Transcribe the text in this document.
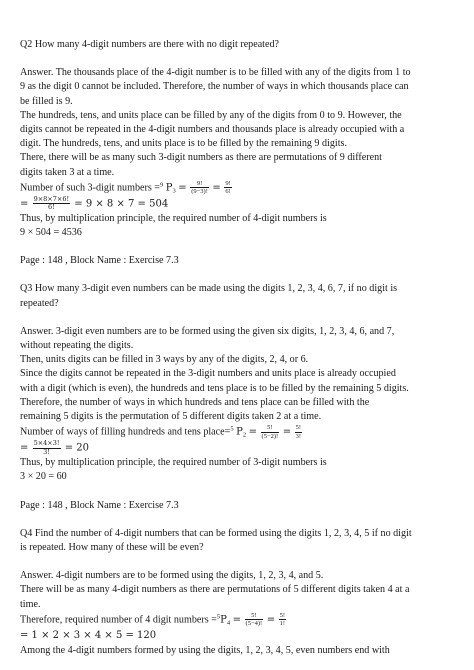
Q2 How many 4-digit numbers are there with no digit repeated?

Answer. The thousands place of the 4-digit number is to be filled with any of the digits from 1 to

9 as the digit 0 cannot be included. Therefore, the number of ways in which thousands place can

be filled is 9.

The hundreds, tens, and units place can be filled by any of the digits from 0 to 9. However, the

digits cannot be repeated in the 4-digit numbers and thousands place is already occupied with a

digit. The hundreds, tens, and units place is to be filled by the remaining 9 digits.

There, there will be as many such 3-digit numbers as there are permutations of 9 different

digits taken 3 at a time.

Number of such 3-digit numbers =$^9$ $P_3 = \frac{9!}{(9-3)!} = \frac{9!}{6!}$
= $\frac{9\times 8\times 7\times 6!}{6!} = 9 \times 8 \times 7 = 504$

Thus, by multiplication principle, the required number of 4-digit numbers is

9 × 504 = 4536

Page : 148 , Block Name : Exercise 7.3

Q3 How many 3-digit even numbers can be made using the digits 1, 2, 3, 4, 6, 7, if no digit is

repeated?

Answer. 3-digit even numbers are to be formed using the given six digits, 1, 2, 3, 4, 6, and 7,

without repeating the digits.

Then, units digits can be filled in 3 ways by any of the digits, 2, 4, or 6.

Since the digits cannot be repeated in the 3-digit numbers and units place is already occupied

with a digit (which is even), the hundreds and tens place is to be filled by the remaining 5 digits.

Therefore, the number of ways in which hundreds and tens place can be filled with the

remaining 5 digits is the permutation of 5 different digits taken 2 at a time.

Number of ways of filling hundreds and tens place=$^5$ $P_2 = \frac{5!}{(5-2)!} = \frac{5!}{3!}$
= $\frac{5\times 4\times 3!}{3!} = 20$

Thus, by multiplication principle, the required number of 3-digit numbers is

3 × 20 = 60

Page : 148 , Block Name : Exercise 7.3

Q4 Find the number of 4-digit numbers that can be formed using the digits 1, 2, 3, 4, 5 if no digit

is repeated. How many of these will be even?

Answer. 4-digit numbers are to be formed using the digits, 1, 2, 3, 4, and 5.

There will be as many 4-digit numbers as there are permutations of 5 different digits taken 4 at a

time.

Therefore, required number of 4 digit numbers $=^5P_4 = \frac{5!}{(5-4)!} = \frac{5!}{1!}$
= 1 × 2 × 3 × 4 × 5 = 120

Among the 4-digit numbers formed by using the digits, 1, 2, 3, 4, 5, even numbers end with
